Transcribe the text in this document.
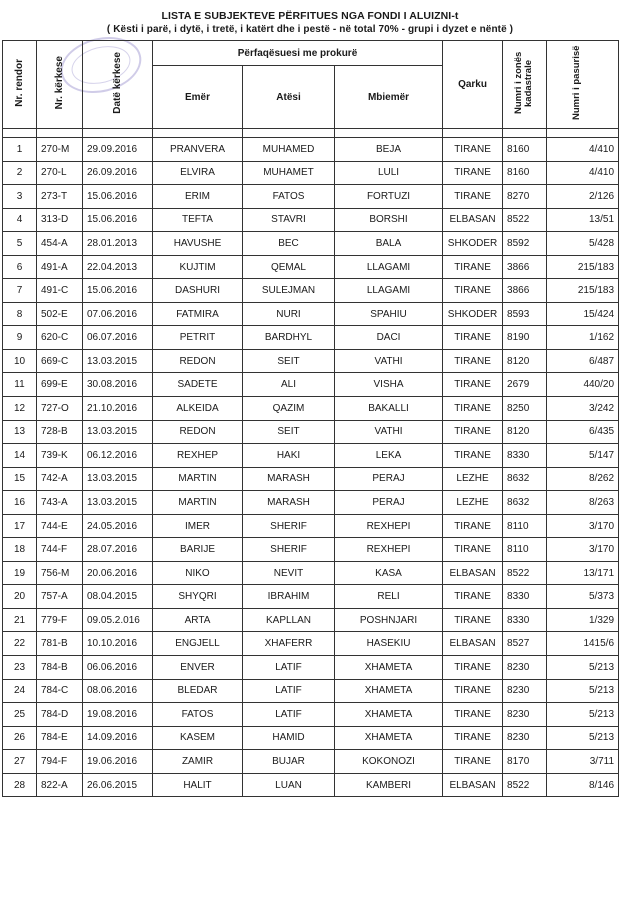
LISTA E SUBJEKTEVE PËRFITUES NGA FONDI I ALUIZNI-t
( Kësti i parë, i dytë, i tretë, i katërt dhe i pestë - në total 70% - grupi i dyzet e nëntë )
Nr. rendor	Nr. kërkese	Datë kërkese	Përfaqësuesi me prokurë			Qarku	Numri i zonës kadastrale	Numri i pasurisë
			Emër	Atësi	Mbiemër			

1	270-M	29.09.2016	PRANVERA	MUHAMED	BEJA	TIRANE	8160	4/410
2	270-L	26.09.2016	ELVIRA	MUHAMET	LULI	TIRANE	8160	4/410
3	273-T	15.06.2016	ERIM	FATOS	FORTUZI	TIRANE	8270	2/126
4	313-D	15.06.2016	TEFTA	STAVRI	BORSHI	ELBASAN	8522	13/51
5	454-A	28.01.2013	HAVUSHE	BEC	BALA	SHKODER	8592	5/428
6	491-A	22.04.2013	KUJTIM	QEMAL	LLAGAMI	TIRANE	3866	215/183
7	491-C	15.06.2016	DASHURI	SULEJMAN	LLAGAMI	TIRANE	3866	215/183
8	502-E	07.06.2016	FATMIRA	NURI	SPAHIU	SHKODER	8593	15/424
9	620-C	06.07.2016	PETRIT	BARDHYL	DACI	TIRANE	8190	1/162
10	669-C	13.03.2015	REDON	SEIT	VATHI	TIRANE	8120	6/487
11	699-E	30.08.2016	SADETE	ALI	VISHA	TIRANE	2679	440/20
12	727-O	21.10.2016	ALKEIDA	QAZIM	BAKALLI	TIRANE	8250	3/242
13	728-B	13.03.2015	REDON	SEIT	VATHI	TIRANE	8120	6/435
14	739-K	06.12.2016	REXHEP	HAKI	LEKA	TIRANE	8330	5/147
15	742-A	13.03.2015	MARTIN	MARASH	PERAJ	LEZHE	8632	8/262
16	743-A	13.03.2015	MARTIN	MARASH	PERAJ	LEZHE	8632	8/263
17	744-E	24.05.2016	IMER	SHERIF	REXHEPI	TIRANE	8110	3/170
18	744-F	28.07.2016	BARIJE	SHERIF	REXHEPI	TIRANE	8110	3/170
19	756-M	20.06.2016	NIKO	NEVIT	KASA	ELBASAN	8522	13/171
20	757-A	08.04.2015	SHYQRI	IBRAHIM	RELI	TIRANE	8330	5/373
21	779-F	09.05.2.016	ARTA	KAPLLAN	POSHNJARI	TIRANE	8330	1/329
22	781-B	10.10.2016	ENGJELL	XHAFERR	HASEKIU	ELBASAN	8527	1415/6
23	784-B	06.06.2016	ENVER	LATIF	XHAMETA	TIRANE	8230	5/213
24	784-C	08.06.2016	BLEDAR	LATIF	XHAMETA	TIRANE	8230	5/213
25	784-D	19.08.2016	FATOS	LATIF	XHAMETA	TIRANE	8230	5/213
26	784-E	14.09.2016	KASEM	HAMID	XHAMETA	TIRANE	8230	5/213
27	794-F	19.06.2016	ZAMIR	BUJAR	KOKONOZI	TIRANE	8170	3/711
28	822-A	26.06.2015	HALIT	LUAN	KAMBERI	ELBASAN	8522	8/146
